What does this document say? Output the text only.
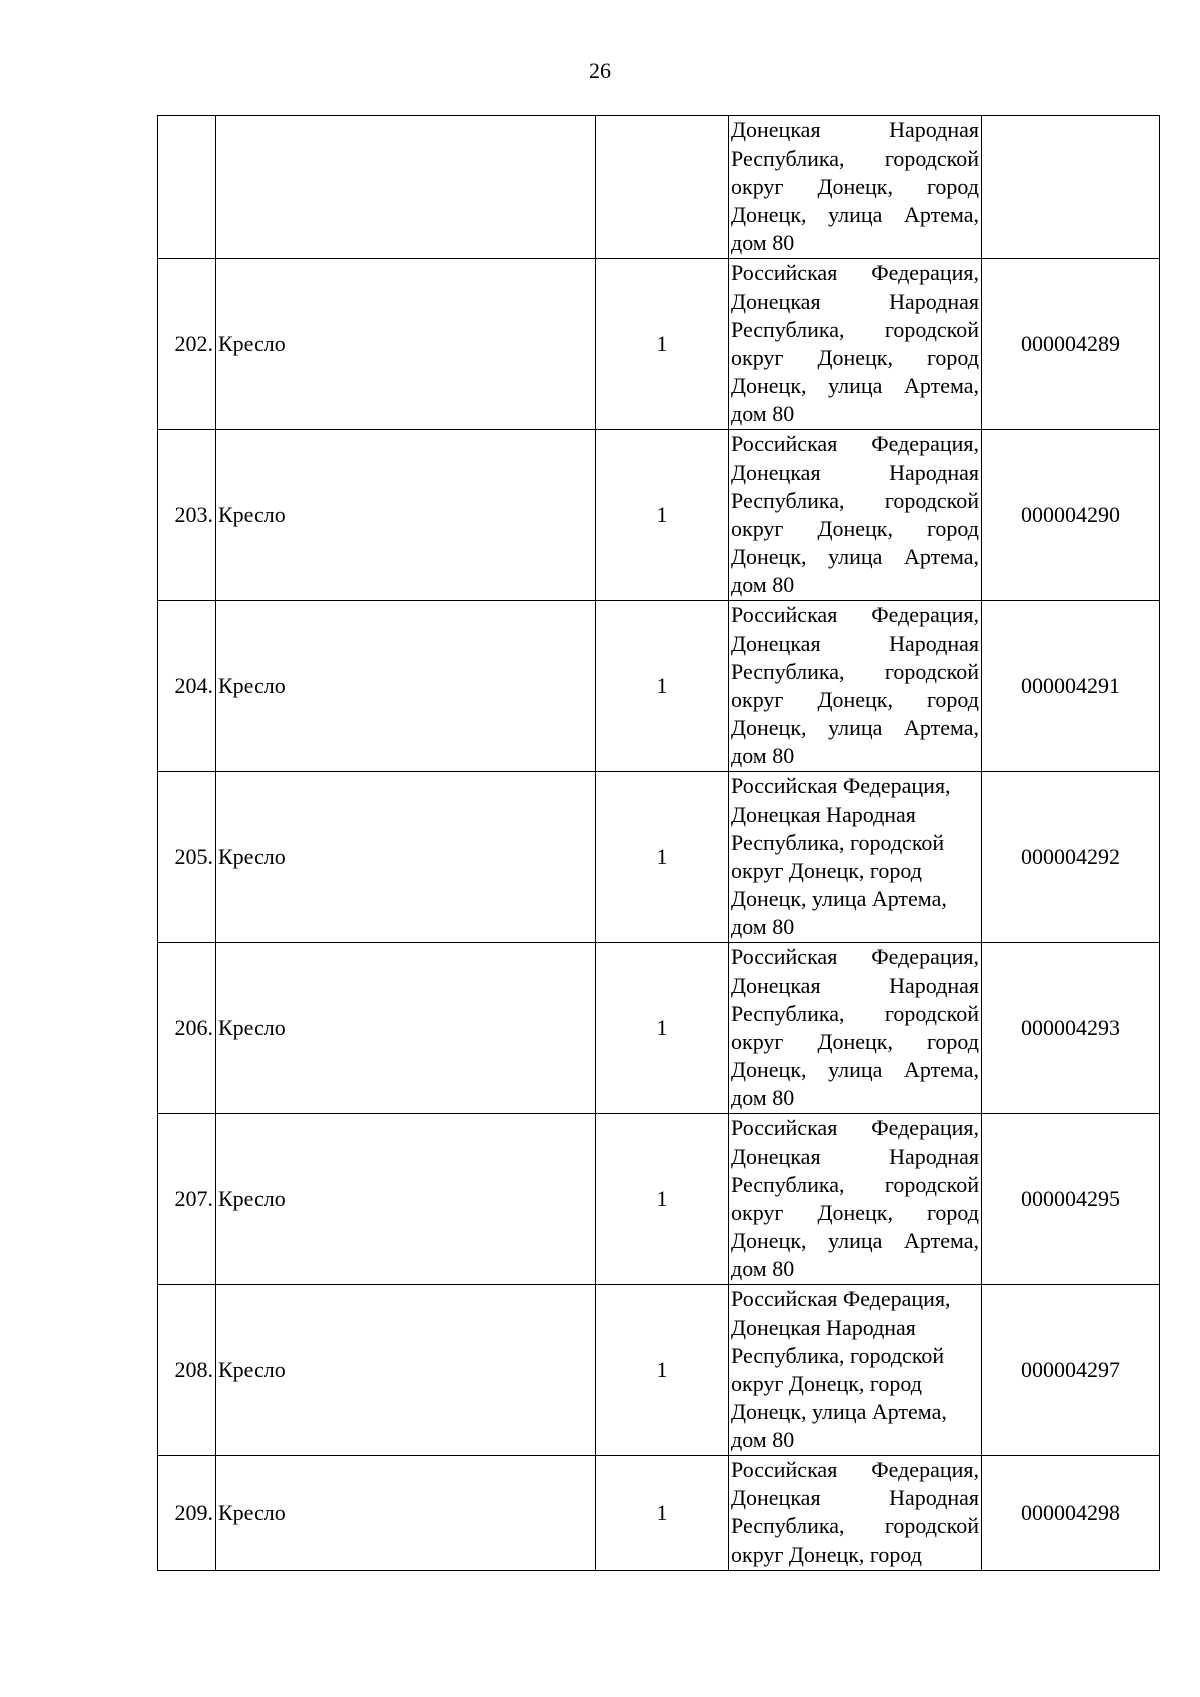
26

			Донецкая Народная Республика, городской округ Донецк, город Донецк, улица Артема, дом 80	

202.	Кресло	1	Российская Федерация, Донецкая Народная Республика, городской округ Донецк, город Донецк, улица Артема, дом 80	000004289
203.	Кресло	1	Российская Федерация, Донецкая Народная Республика, городской округ Донецк, город Донецк, улица Артема, дом 80	000004290
204.	Кресло	1	Российская Федерация, Донецкая Народная Республика, городской округ Донецк, город Донецк, улица Артема, дом 80	000004291
205.	Кресло	1	Российская Федерация, Донецкая Народная Республика, городской округ Донецк, город Донецк, улица Артема, дом 80	000004292
206.	Кресло	1	Российская Федерация, Донецкая Народная Республика, городской округ Донецк, город Донецк, улица Артема, дом 80	000004293
207.	Кресло	1	Российская Федерация, Донецкая Народная Республика, городской округ Донецк, город Донецк, улица Артема, дом 80	000004295
208.	Кресло	1	Российская Федерация, Донецкая Народная Республика, городской округ Донецк, город Донецк, улица Артема, дом 80	000004297
209.	Кресло	1	Российская Федерация, Донецкая Народная Республика, городской округ Донецк, город	000004298
